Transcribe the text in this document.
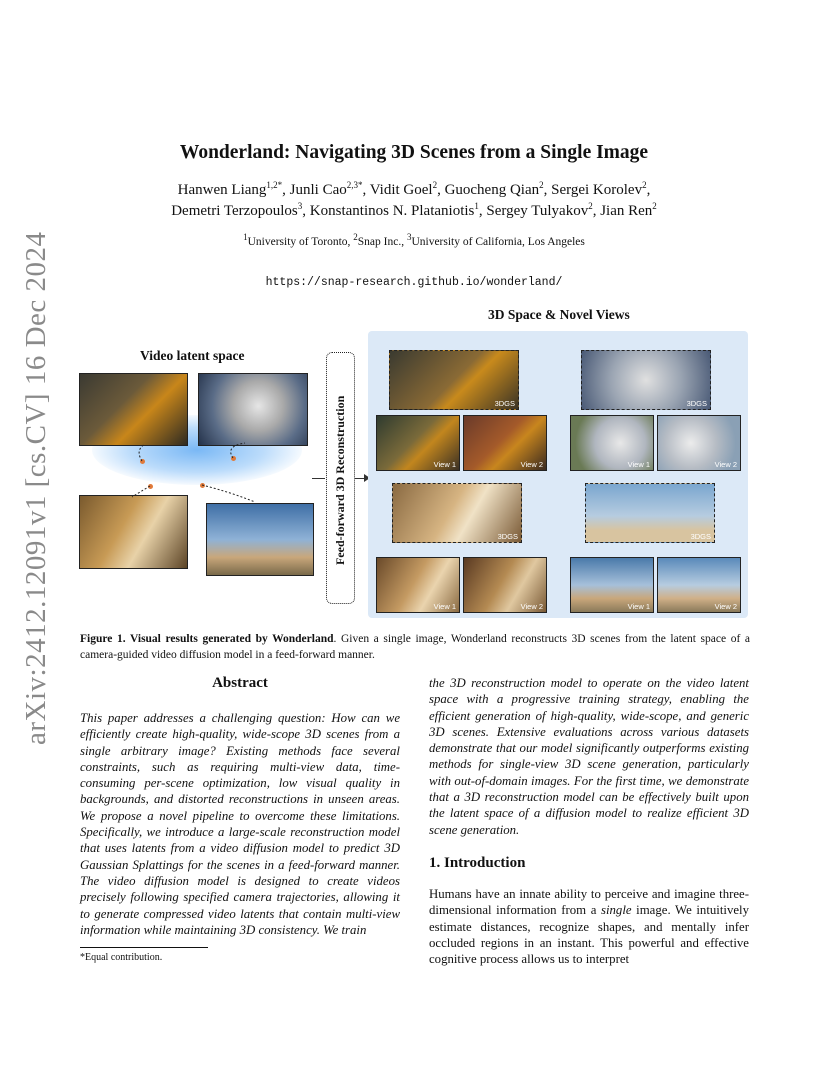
arXiv:2412.12091v1 [cs.CV] 16 Dec 2024
Wonderland: Navigating 3D Scenes from a Single Image
Hanwen Liang$^{1,2*}$, Junli Cao$^{2,3*}$, Vidit Goel$^2$, Guocheng Qian$^2$, Sergei Korolev$^2$,
Demetri Terzopoulos$^3$, Konstantinos N. Plataniotis$^1$, Sergey Tulyakov$^2$, Jian Ren$^2$
$^1$University of Toronto, $^2$Snap Inc., $^3$University of California, Los Angeles
https://snap-research.github.io/wonderland/
3D Space & Novel Views
Video latent space
Feed-forward 3D Reconstruction	3DGS	3DGS
View 1	View 2	View 1	View 2
3DGS	3DGS
View 1	View 2	View 1	View 2
Figure 1. Visual results generated by Wonderland. Given a single image, Wonderland reconstructs 3D scenes from the latent space of a camera-guided video diffusion model in a feed-forward manner.
Abstract
This paper addresses a challenging question: How can we efficiently create high-quality, wide-scope 3D scenes from a single arbitrary image? Existing methods face several constraints, such as requiring multi-view data, time-consuming per-scene optimization, low visual quality in backgrounds, and distorted reconstructions in unseen areas. We propose a novel pipeline to overcome these limitations. Specifically, we introduce a large-scale reconstruction model that uses latents from a video diffusion model to predict 3D Gaussian Splattings for the scenes in a feed-forward manner. The video diffusion model is designed to create videos precisely following specified camera trajectories, allowing it to generate compressed video latents that contain multi-view information while maintaining 3D consistency. We train
the 3D reconstruction model to operate on the video latent space with a progressive training strategy, enabling the efficient generation of high-quality, wide-scope, and generic 3D scenes. Extensive evaluations across various datasets demonstrate that our model significantly outperforms existing methods for single-view 3D scene generation, particularly with out-of-domain images. For the first time, we demonstrate that a 3D reconstruction model can be effectively built upon the latent space of a diffusion model to realize efficient 3D scene generation.
1. Introduction
Humans have an innate ability to perceive and imagine three-dimensional information from a single image. We intuitively estimate distances, recognize shapes, and mentally infer occluded regions in an instant. This powerful and effective cognitive process allows us to interpret
*Equal contribution.
